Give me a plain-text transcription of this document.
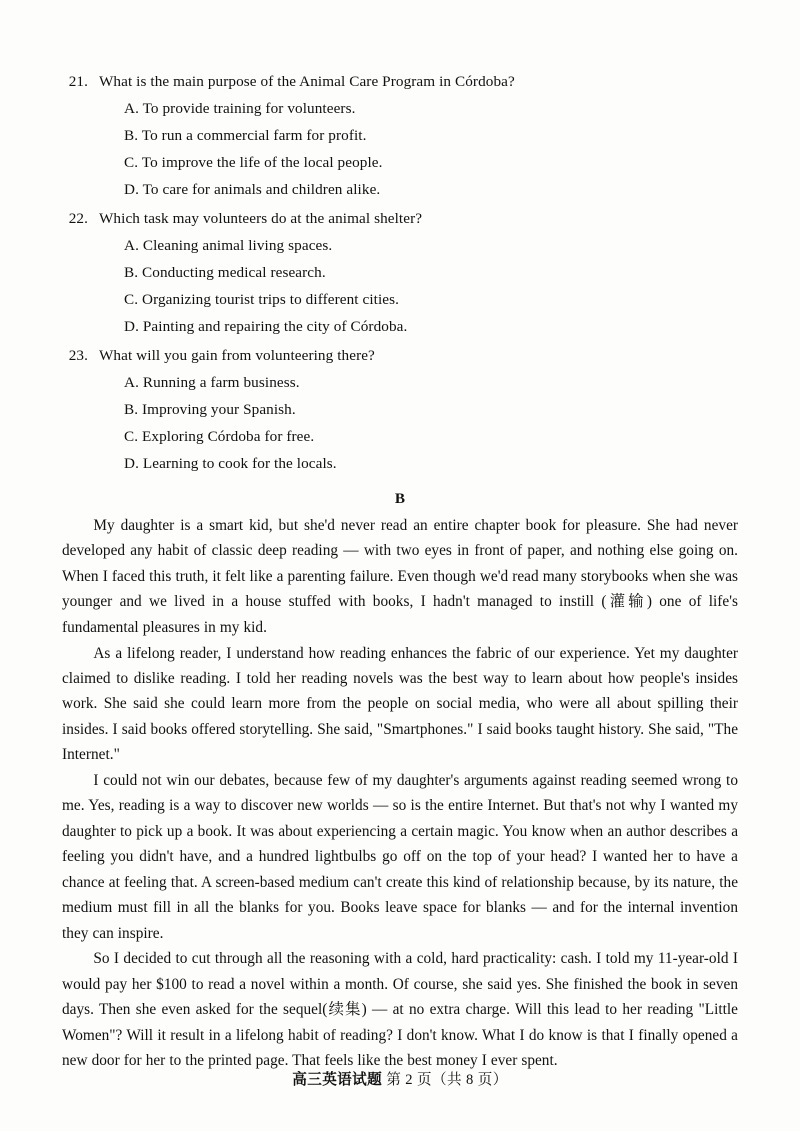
21. What is the main purpose of the Animal Care Program in Córdoba?
A. To provide training for volunteers.
B. To run a commercial farm for profit.
C. To improve the life of the local people.
D. To care for animals and children alike.
22. Which task may volunteers do at the animal shelter?
A. Cleaning animal living spaces.
B. Conducting medical research.
C. Organizing tourist trips to different cities.
D. Painting and repairing the city of Córdoba.
23. What will you gain from volunteering there?
A. Running a farm business.
B. Improving your Spanish.
C. Exploring Córdoba for free.
D. Learning to cook for the locals.
B

My daughter is a smart kid, but she'd never read an entire chapter book for pleasure. She had never developed any habit of classic deep reading — with two eyes in front of paper, and nothing else going on. When I faced this truth, it felt like a parenting failure. Even though we'd read many storybooks when she was younger and we lived in a house stuffed with books, I hadn't managed to instill (灌输) one of life's fundamental pleasures in my kid.

As a lifelong reader, I understand how reading enhances the fabric of our experience. Yet my daughter claimed to dislike reading. I told her reading novels was the best way to learn about how people's insides work. She said she could learn more from the people on social media, who were all about spilling their insides. I said books offered storytelling. She said, "Smartphones." I said books taught history. She said, "The Internet."

I could not win our debates, because few of my daughter's arguments against reading seemed wrong to me. Yes, reading is a way to discover new worlds — so is the entire Internet. But that's not why I wanted my daughter to pick up a book. It was about experiencing a certain magic. You know when an author describes a feeling you didn't have, and a hundred lightbulbs go off on the top of your head? I wanted her to have a chance at feeling that. A screen-based medium can't create this kind of relationship because, by its nature, the medium must fill in all the blanks for you. Books leave space for blanks — and for the internal invention they can inspire.

So I decided to cut through all the reasoning with a cold, hard practicality: cash. I told my 11-year-old I would pay her $100 to read a novel within a month. Of course, she said yes. She finished the book in seven days. Then she even asked for the sequel(续集) — at no extra charge. Will this lead to her reading "Little Women"? Will it result in a lifelong habit of reading? I don't know. What I do know is that I finally opened a new door for her to the printed page. That feels like the best money I ever spent.

高三英语试题 第 2 页（共 8 页）
